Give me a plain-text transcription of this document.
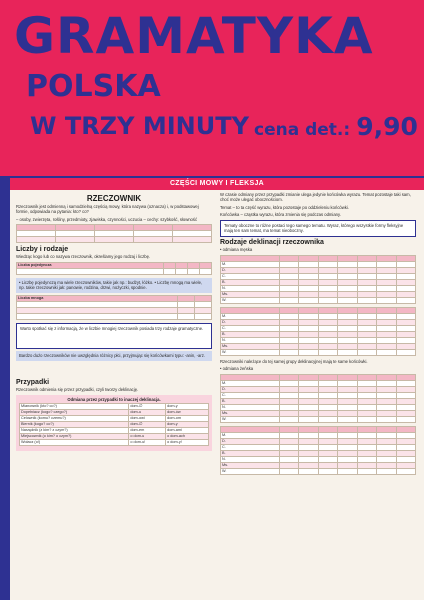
GRAMATYKA
POLSKA
W TRZY MINUTY cena det.: 9,90
CZĘŚCI MOWY I FLEKSJA
RZECZOWNIK
Rzeczownik jest odmienną i samodzielną częścią mowy, która nazywa (oznacza) i, w podstawowej formie, odpowiada na pytania: kto? co?
– osoby, zwierzęta, rośliny, przedmioty, zjawiska, czynności, uczucia – cechy: szybkość, słowność

Liczby i rodzaje
Wiedząc kogo lub co nazywa rzeczownik, określamy jego rodzaj i liczbę.
Liczba pojedyncza				

• Liczbę pojedynczą ma wiele rzeczowników, takie jak np.: budżyt, łóżko. • Liczbę mnogą ma wiele, np. takie rzeczowniki jak: panowie, rodzina, drzwi, nożyczki, spodnie.
Liczba mnoga		

Warto spotkać się z informacją, że w liczbie mnogiej rzeczownik posiada trzy rodzaje gramatyczne.
Bardzo dużo rzeczowników nie uwzględnia różnicy płci, przyjmując się końcówkami typu: -anin, -arz.
Przypadki
Rzeczownik odmienia się przez przypadki, czyli tworzy deklinację.
Odmiana przez przypadki to inaczej deklinacja.
Mianownik (kto? co?)	dom-∅	dom-y
Dopełniacz (kogo? czego?)	dom-u	dom-ów
Celownik (komu? czemu?)	dom-owi	dom-om
Biernik (kogo? co?)	dom-∅	dom-y
Narzędnik (z kim? z czym?)	dom-em	dom-ami
Miejscownik (o kim? o czym?)	o dom-u	o dom-ach
Wołacz (o!)	o dom-u!	o dom-y!
W czasie odmiany przez przypadki zmianie ulega jedynie końcówka wyrazu. Temat pozostaje taki sam, choć może ulegać obocznościom.
Temat – to ta część wyrazu, która pozostaje po oddzieleniu końcówki.
Końcówka – cząstka wyrazu, która zmienia się podczas odmiany.
Tematy oboczne to różne postaci tego samego tematu. Wyraz, którego wszystkie formy fleksyjne mają ten sam temat, ma temat nieoboczny.
Rodzaje deklinacji rzeczownika
• odmiana męska

M.							
D.							
C.							
B.							
N.							
Ms.							
W.							

M.							
D.							
C.							
B.							
N.							
Ms.							
W.							
Rzeczowniki należące do tej samej grupy deklinacyjnej mają te same końcówki.
• odmiana żeńska

M.							
D.							
C.							
B.							
N.							
Ms.							
W.							

M.							
D.							
C.							
B.							
N.							
Ms.							
W.							
